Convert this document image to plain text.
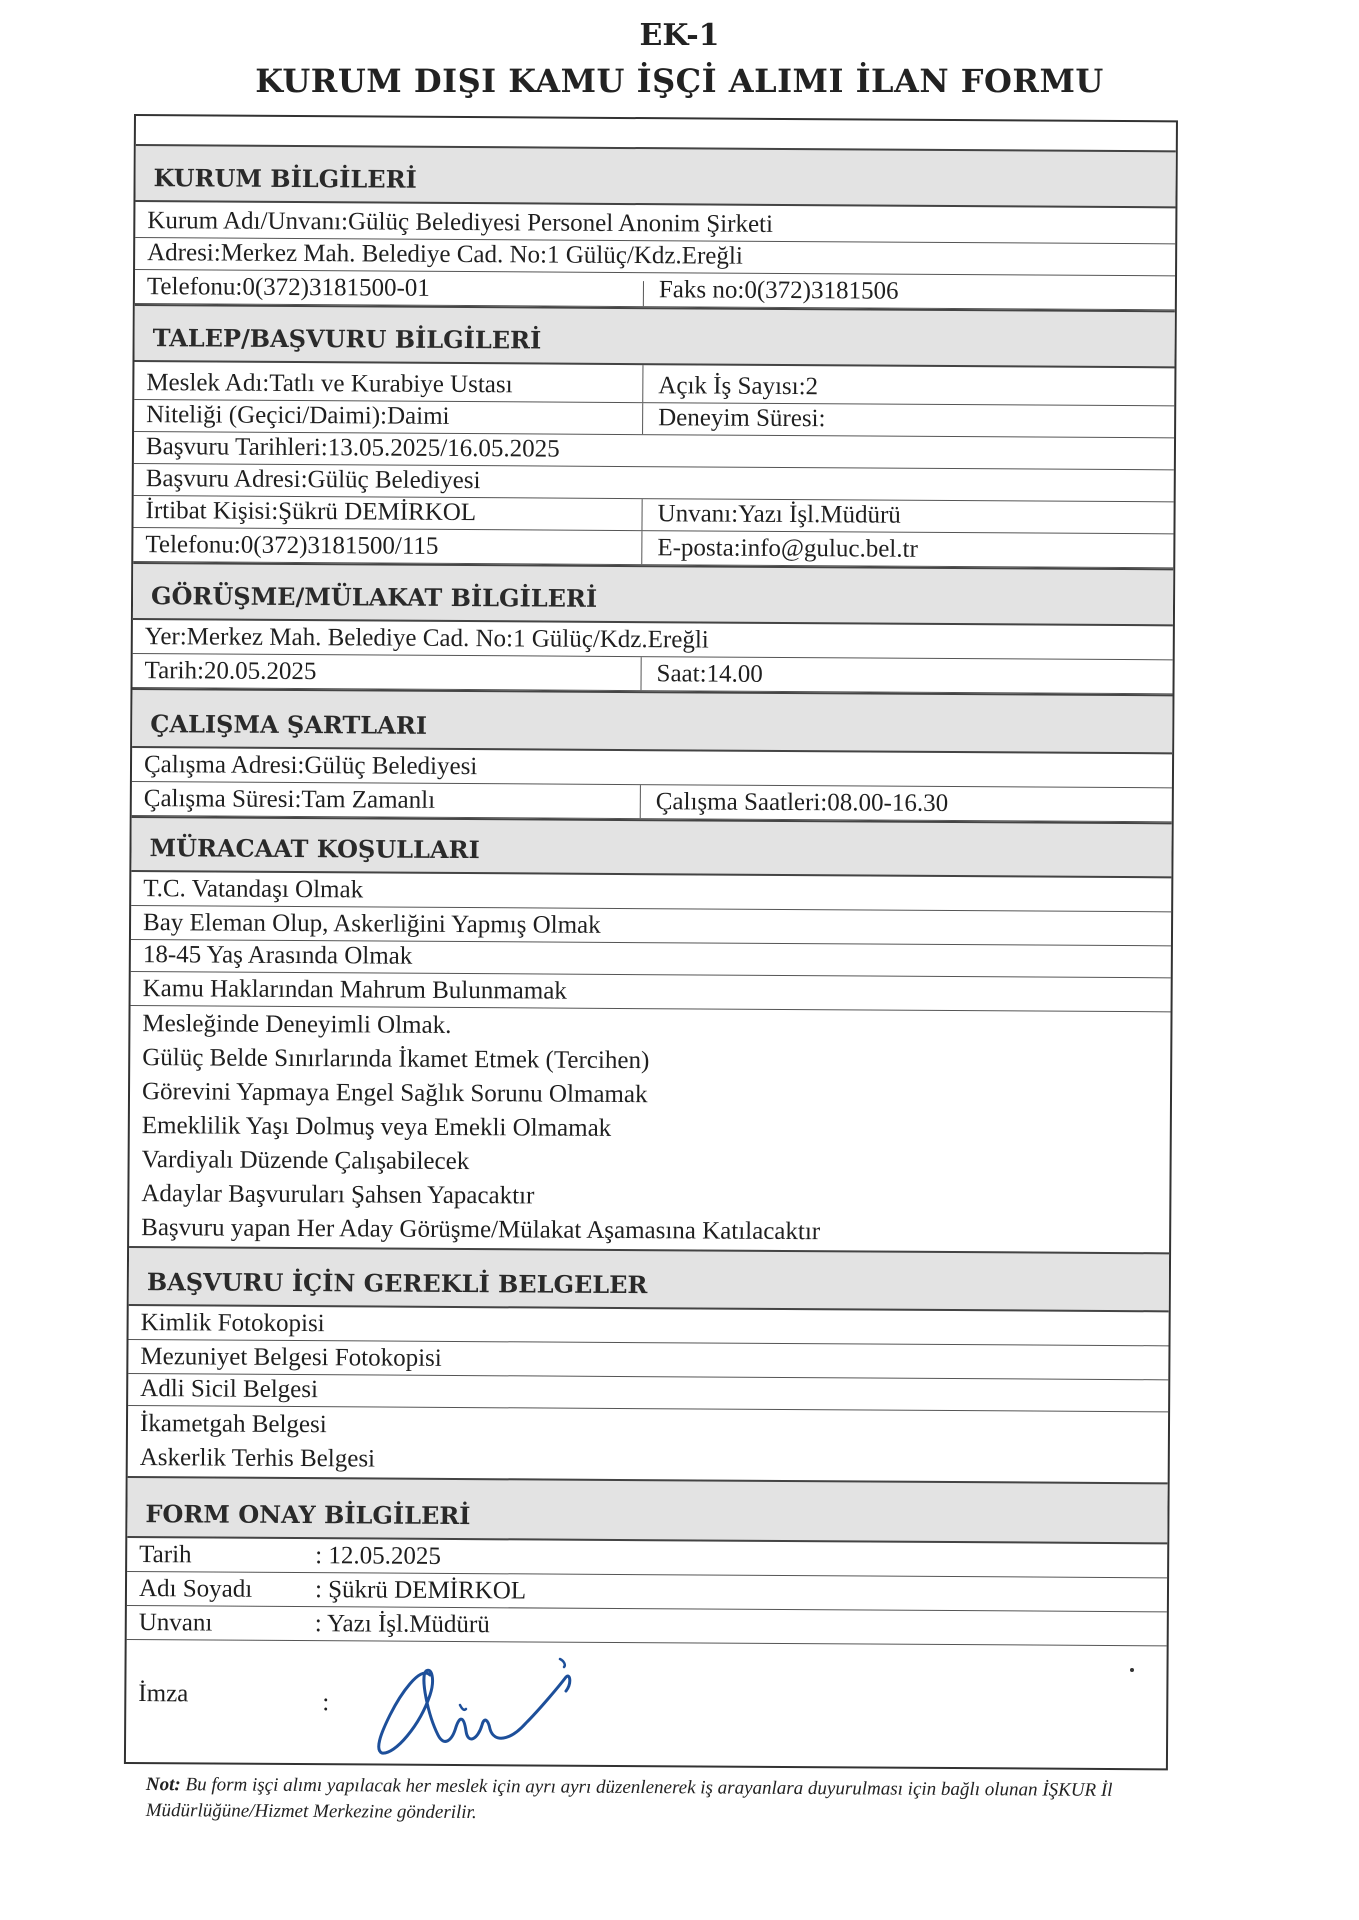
EK-1
KURUM DIŞI KAMU İŞÇİ ALIMI İLAN FORMU
KURUM BİLGİLERİ
Kurum Adı/Unvanı:Gülüç Belediyesi Personel Anonim Şirketi
Adresi:Merkez Mah. Belediye Cad. No:1 Gülüç/Kdz.Ereğli
Telefonu:0(372)3181500-01	Faks no:0(372)3181506
TALEP/BAŞVURU BİLGİLERİ
Meslek Adı:Tatlı ve Kurabiye Ustası	Açık İş Sayısı:2
Niteliği (Geçici/Daimi):Daimi	Deneyim Süresi:
Başvuru Tarihleri:13.05.2025/16.05.2025
Başvuru Adresi:Gülüç Belediyesi
İrtibat Kişisi:Şükrü DEMİRKOL	Unvanı:Yazı İşl.Müdürü
Telefonu:0(372)3181500/115	E-posta:info@guluc.bel.tr
GÖRÜŞME/MÜLAKAT BİLGİLERİ
Yer:Merkez Mah. Belediye Cad. No:1 Gülüç/Kdz.Ereğli
Tarih:20.05.2025	Saat:14.00
ÇALIŞMA ŞARTLARI
Çalışma Adresi:Gülüç Belediyesi
Çalışma Süresi:Tam Zamanlı	Çalışma Saatleri:08.00-16.30
MÜRACAAT KOŞULLARI
T.C. Vatandaşı Olmak
Bay Eleman Olup, Askerliğini Yapmış Olmak
18-45 Yaş Arasında Olmak
Kamu Haklarından Mahrum Bulunmamak
Mesleğinde Deneyimli Olmak.
Gülüç Belde Sınırlarında İkamet Etmek (Tercihen)
Görevini Yapmaya Engel Sağlık Sorunu Olmamak
Emeklilik Yaşı Dolmuş veya Emekli Olmamak
Vardiyalı Düzende Çalışabilecek
Adaylar Başvuruları Şahsen Yapacaktır
Başvuru yapan Her Aday Görüşme/Mülakat Aşamasına Katılacaktır
BAŞVURU İÇİN GEREKLİ BELGELER
Kimlik Fotokopisi
Mezuniyet Belgesi Fotokopisi
Adli Sicil Belgesi
İkametgah Belgesi
Askerlik Terhis Belgesi
FORM ONAY BİLGİLERİ
Tarih	: 12.05.2025
Adı Soyadı	: Şükrü DEMİRKOL
Unvanı	: Yazı İşl.Müdürü
İmza	:
Not: Bu form işçi alımı yapılacak her meslek için ayrı ayrı düzenlenerek iş arayanlara duyurulması için bağlı olunan İŞKUR İl Müdürlüğüne/Hizmet Merkezine gönderilir.
